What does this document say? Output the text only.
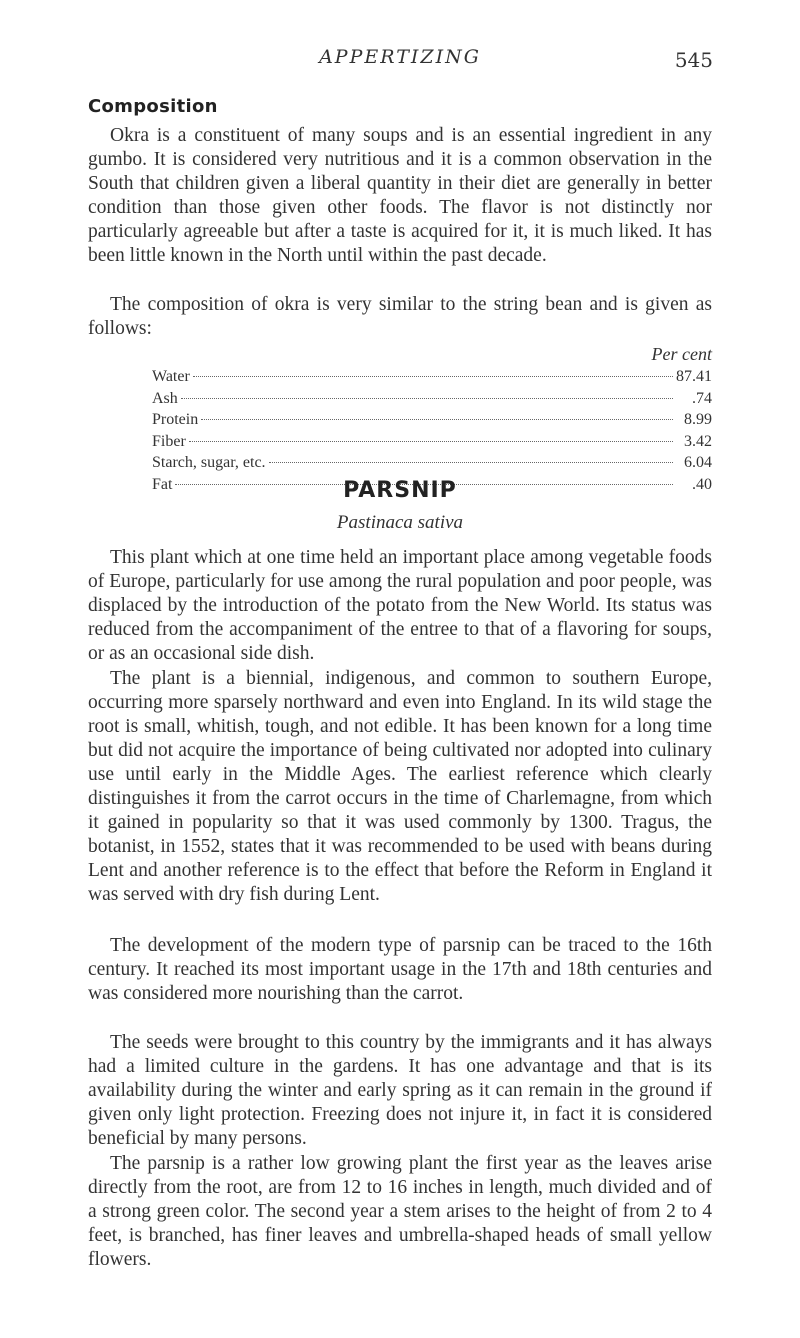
APPERTIZING	545
Composition

Okra is a constituent of many soups and is an essential ingredient in any gumbo. It is considered very nutritious and it is a common observation in the South that children given a liberal quantity in their diet are generally in better condition than those given other foods. The flavor is not distinctly nor particularly agreeable but after a taste is acquired for it, it is much liked. It has been little known in the North until within the past decade.

The composition of okra is very similar to the string bean and is given as follows:

Per cent
Water	87.41
Ash	.74
Protein	8.99
Fiber	3.42
Starch, sugar, etc.	6.04
Fat	.40
PARSNIP
Pastinaca sativa

This plant which at one time held an important place among vegetable foods of Europe, particularly for use among the rural population and poor people, was displaced by the introduction of the potato from the New World. Its status was reduced from the accompaniment of the entree to that of a flavoring for soups, or as an occasional side dish.

The plant is a biennial, indigenous, and common to southern Europe, occurring more sparsely northward and even into England. In its wild stage the root is small, whitish, tough, and not edible. It has been known for a long time but did not acquire the importance of being cultivated nor adopted into culinary use until early in the Middle Ages. The earliest reference which clearly distinguishes it from the carrot occurs in the time of Charlemagne, from which it gained in popularity so that it was used commonly by 1300. Tragus, the botanist, in 1552, states that it was recommended to be used with beans during Lent and another reference is to the effect that before the Reform in England it was served with dry fish during Lent.

The development of the modern type of parsnip can be traced to the 16th century. It reached its most important usage in the 17th and 18th centuries and was considered more nourishing than the carrot.

The seeds were brought to this country by the immigrants and it has always had a limited culture in the gardens. It has one advantage and that is its availability during the winter and early spring as it can remain in the ground if given only light protection. Freezing does not injure it, in fact it is considered beneficial by many persons.

The parsnip is a rather low growing plant the first year as the leaves arise directly from the root, are from 12 to 16 inches in length, much divided and of a strong green color. The second year a stem arises to the height of from 2 to 4 feet, is branched, has finer leaves and umbrella-shaped heads of small yellow flowers.
